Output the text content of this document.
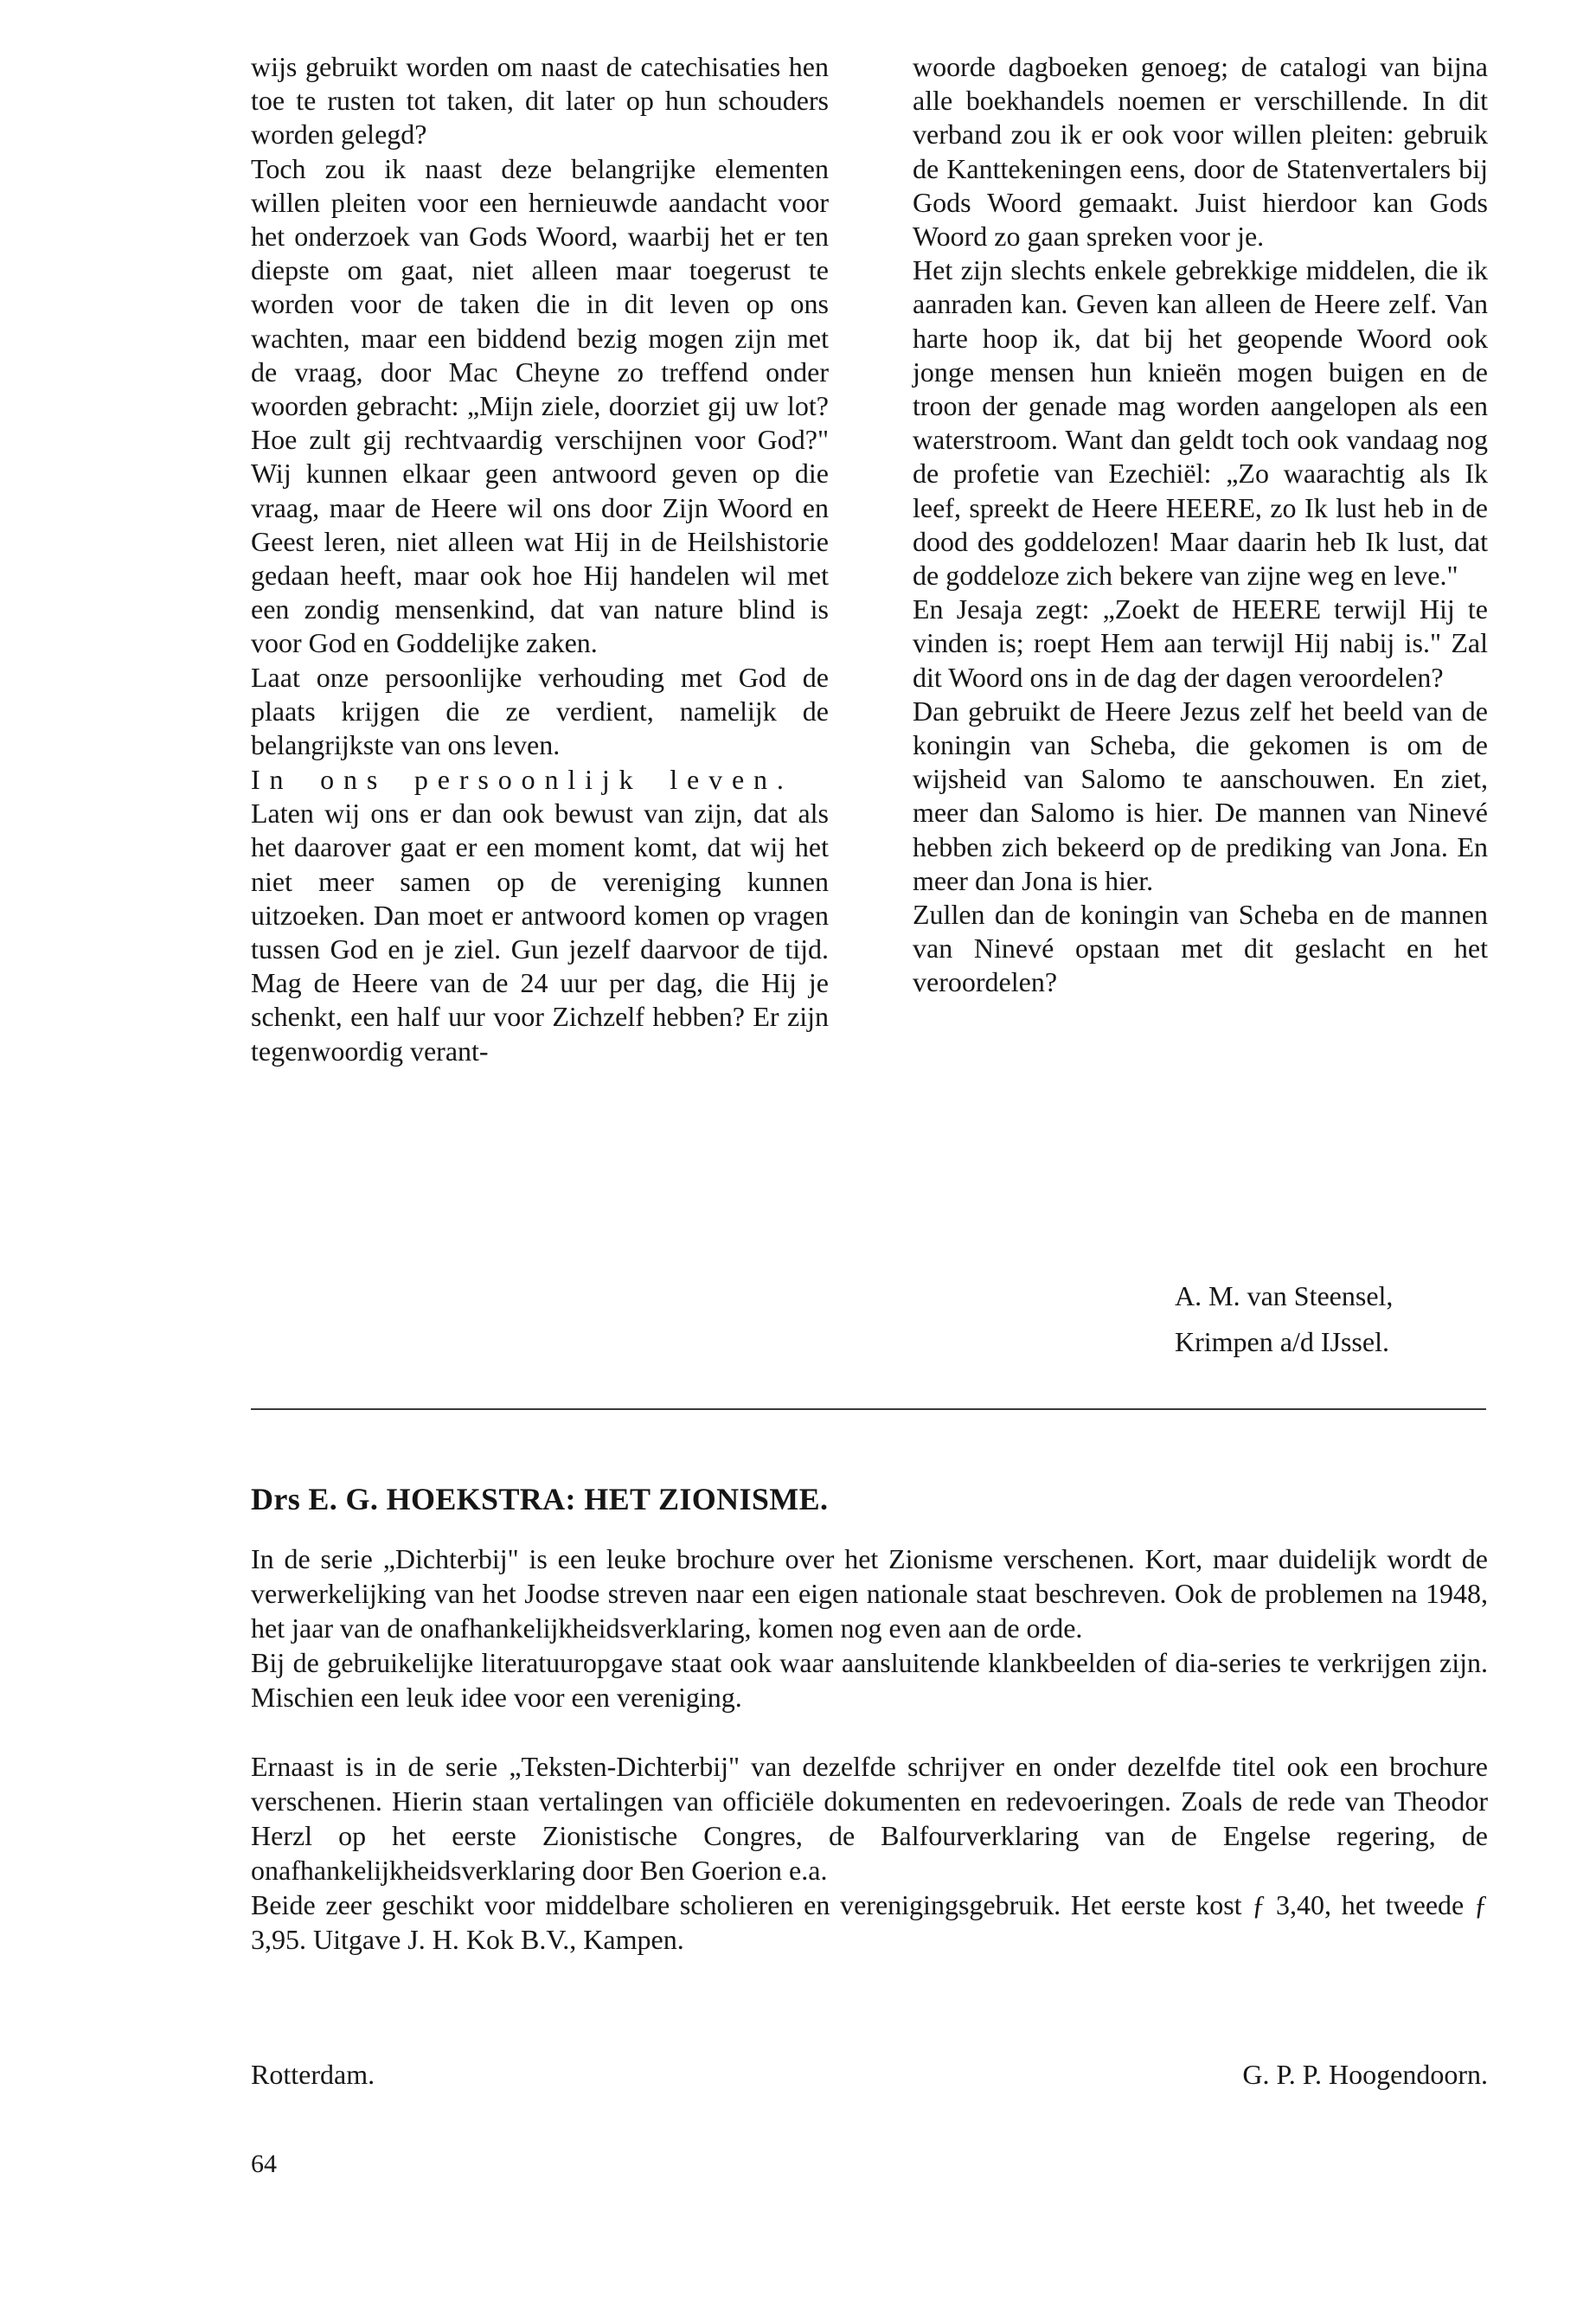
wijs gebruikt worden om naast de catechisaties hen toe te rusten tot taken, dit later op hun schouders worden gelegd?

Toch zou ik naast deze belangrijke elementen willen pleiten voor een hernieuwde aandacht voor het onderzoek van Gods Woord, waarbij het er ten diepste om gaat, niet alleen maar toegerust te worden voor de taken die in dit leven op ons wachten, maar een biddend bezig mogen zijn met de vraag, door Mac Cheyne zo treffend onder woorden gebracht: „Mijn ziele, doorziet gij uw lot? Hoe zult gij rechtvaardig verschijnen voor God?" Wij kunnen elkaar geen antwoord geven op die vraag, maar de Heere wil ons door Zijn Woord en Geest leren, niet alleen wat Hij in de Heilshistorie gedaan heeft, maar ook hoe Hij handelen wil met een zondig mensenkind, dat van nature blind is voor God en Goddelijke zaken.

Laat onze persoonlijke verhouding met God de plaats krijgen die ze verdient, namelijk de belangrijkste van ons leven.

In ons persoonlijk leven.

Laten wij ons er dan ook bewust van zijn, dat als het daarover gaat er een moment komt, dat wij het niet meer samen op de vereniging kunnen uitzoeken. Dan moet er antwoord komen op vragen tussen God en je ziel. Gun jezelf daarvoor de tijd. Mag de Heere van de 24 uur per dag, die Hij je schenkt, een half uur voor Zichzelf hebben? Er zijn tegenwoordig verant-

woorde dagboeken genoeg; de catalogi van bijna alle boekhandels noemen er verschillende. In dit verband zou ik er ook voor willen pleiten: gebruik de Kanttekeningen eens, door de Statenvertalers bij Gods Woord gemaakt. Juist hierdoor kan Gods Woord zo gaan spreken voor je.

Het zijn slechts enkele gebrekkige middelen, die ik aanraden kan. Geven kan alleen de Heere zelf. Van harte hoop ik, dat bij het geopende Woord ook jonge mensen hun knieën mogen buigen en de troon der genade mag worden aangelopen als een waterstroom. Want dan geldt toch ook vandaag nog de profetie van Ezechiël: „Zo waarachtig als Ik leef, spreekt de Heere HEERE, zo Ik lust heb in de dood des goddelozen! Maar daarin heb Ik lust, dat de goddeloze zich bekere van zijne weg en leve."

En Jesaja zegt: „Zoekt de HEERE terwijl Hij te vinden is; roept Hem aan terwijl Hij nabij is." Zal dit Woord ons in de dag der dagen veroordelen?

Dan gebruikt de Heere Jezus zelf het beeld van de koningin van Scheba, die gekomen is om de wijsheid van Salomo te aanschouwen. En ziet, meer dan Salomo is hier. De mannen van Ninevé hebben zich bekeerd op de prediking van Jona. En meer dan Jona is hier.

Zullen dan de koningin van Scheba en de mannen van Ninevé opstaan met dit geslacht en het veroordelen?

A. M. van Steensel,
Krimpen a/d IJssel.
Drs E. G. HOEKSTRA: HET ZIONISME.

In de serie „Dichterbij" is een leuke brochure over het Zionisme verschenen. Kort, maar duidelijk wordt de verwerkelijking van het Joodse streven naar een eigen nationale staat beschreven. Ook de problemen na 1948, het jaar van de onafhankelijkheidsverklaring, komen nog even aan de orde.

Bij de gebruikelijke literatuuropgave staat ook waar aansluitende klankbeelden of dia-series te verkrijgen zijn. Mischien een leuk idee voor een vereniging.

Ernaast is in de serie „Teksten-Dichterbij" van dezelfde schrijver en onder dezelfde titel ook een brochure verschenen. Hierin staan vertalingen van officiële dokumenten en redevoeringen. Zoals de rede van Theodor Herzl op het eerste Zionistische Congres, de Balfourverklaring van de Engelse regering, de onafhankelijkheidsverklaring door Ben Goerion e.a.

Beide zeer geschikt voor middelbare scholieren en verenigingsgebruik. Het eerste kost ƒ 3,40, het tweede ƒ 3,95. Uitgave J. H. Kok B.V., Kampen.

Rotterdam.	G. P. P. Hoogendoorn.
64
